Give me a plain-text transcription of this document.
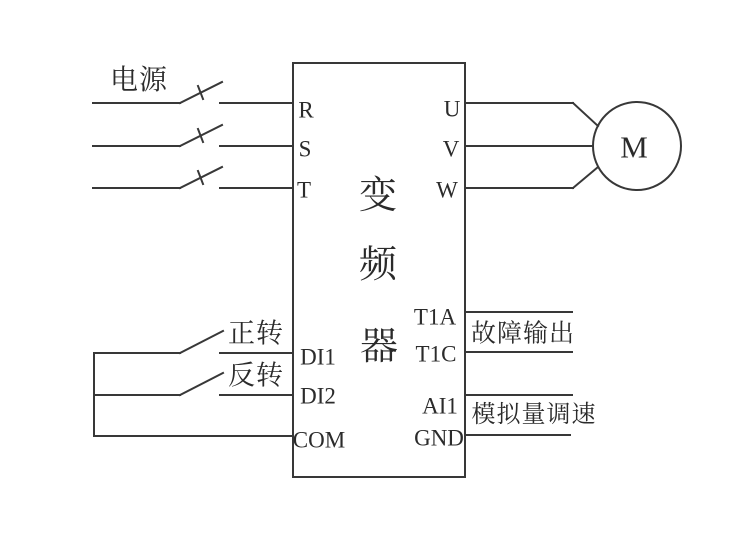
电源
变
频
器
R
S
T
DI1
DI2
COM
U
V
W
T1A
T1C
AI1
GND
正转
反转
故障输出
模拟量调速
M
